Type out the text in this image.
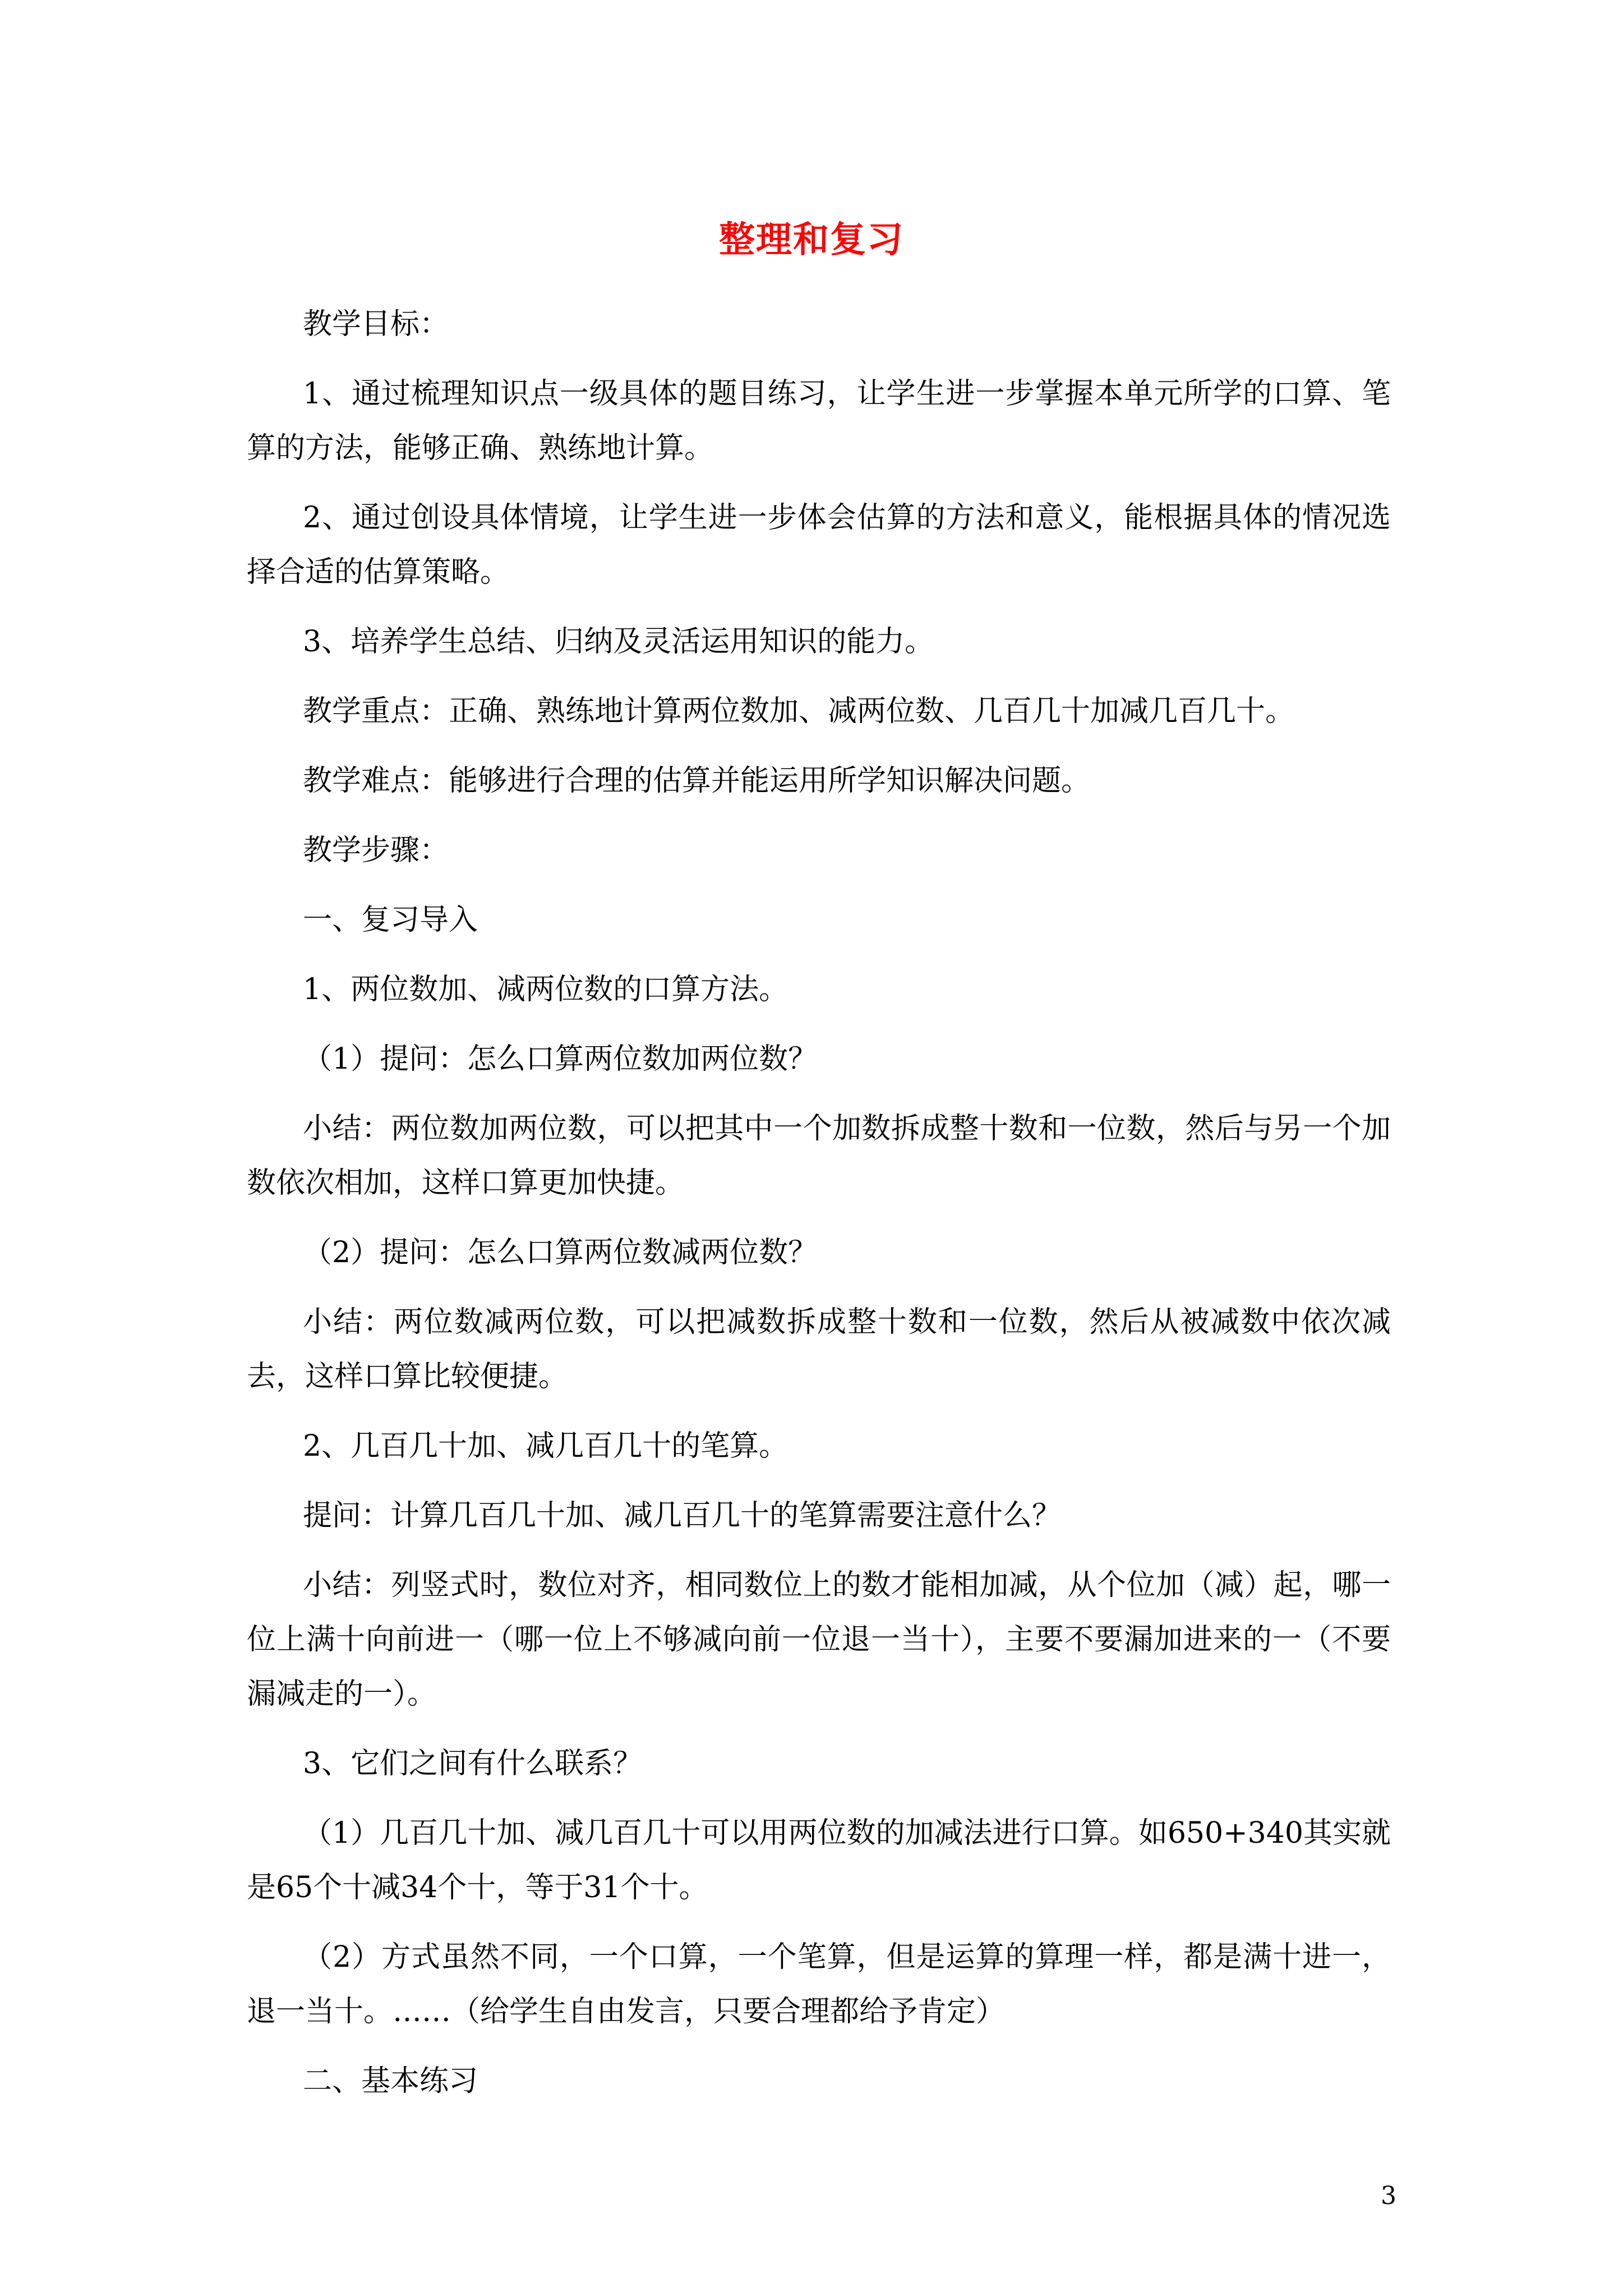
整理和复习

教学目标：

1、通过梳理知识点一级具体的题目练习，让学生进一步掌握本单元所学的口算、笔算的方法，能够正确、熟练地计算。

2、通过创设具体情境，让学生进一步体会估算的方法和意义，能根据具体的情况选择合适的估算策略。

3、培养学生总结、归纳及灵活运用知识的能力。

教学重点：正确、熟练地计算两位数加、减两位数、几百几十加减几百几十。

教学难点：能够进行合理的估算并能运用所学知识解决问题。

教学步骤：

一、复习导入

1、两位数加、减两位数的口算方法。

（1）提问：怎么口算两位数加两位数？

小结：两位数加两位数，可以把其中一个加数拆成整十数和一位数，然后与另一个加数依次相加，这样口算更加快捷。

（2）提问：怎么口算两位数减两位数？

小结：两位数减两位数，可以把减数拆成整十数和一位数，然后从被减数中依次减去，这样口算比较便捷。

2、几百几十加、减几百几十的笔算。

提问：计算几百几十加、减几百几十的笔算需要注意什么？

小结：列竖式时，数位对齐，相同数位上的数才能相加减，从个位加（减）起，哪一位上满十向前进一（哪一位上不够减向前一位退一当十），主要不要漏加进来的一（不要漏减走的一）。

3、它们之间有什么联系？

（1）几百几十加、减几百几十可以用两位数的加减法进行口算。如650+340其实就是65个十减34个十，等于31个十。

（2）方式虽然不同，一个口算，一个笔算，但是运算的算理一样，都是满十进一，退一当十。……（给学生自由发言，只要合理都给予肯定）

二、基本练习

3
